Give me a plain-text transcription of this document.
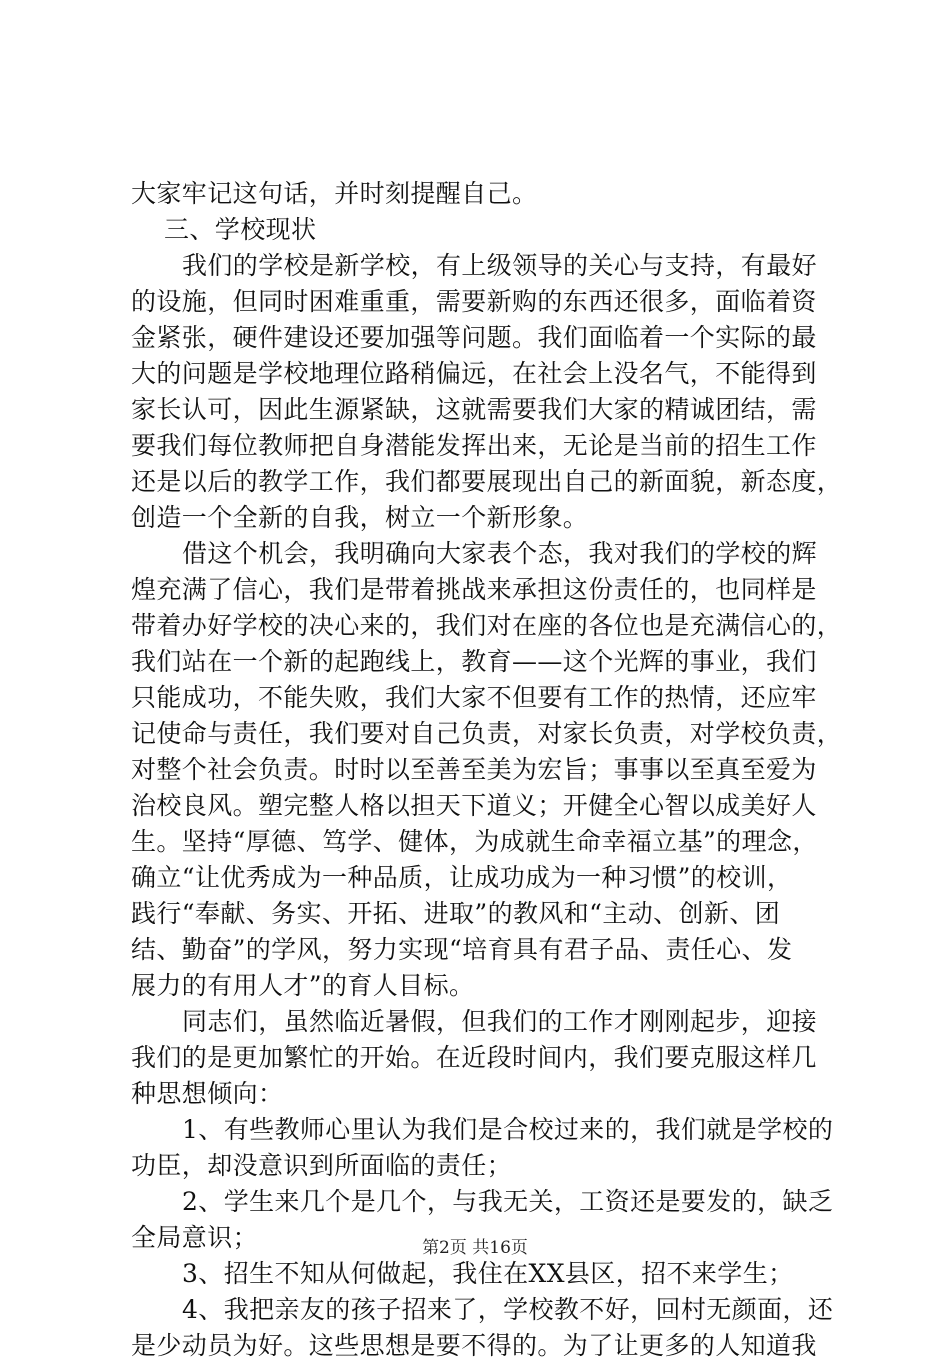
大家牢记这句话，并时刻提醒自己。
三、学校现状
我们的学校是新学校，有上级领导的关心与支持，有最好
的设施，但同时困难重重，需要新购的东西还很多，面临着资
金紧张，硬件建设还要加强等问题。我们面临着一个实际的最
大的问题是学校地理位路稍偏远，在社会上没名气，不能得到
家长认可，因此生源紧缺，这就需要我们大家的精诚团结，需
要我们每位教师把自身潜能发挥出来，无论是当前的招生工作
还是以后的教学工作，我们都要展现出自己的新面貌，新态度，
创造一个全新的自我，树立一个新形象。
借这个机会，我明确向大家表个态，我对我们的学校的辉
煌充满了信心，我们是带着挑战来承担这份责任的，也同样是
带着办好学校的决心来的，我们对在座的各位也是充满信心的，
我们站在一个新的起跑线上，教育——这个光辉的事业，我们
只能成功，不能失败，我们大家不但要有工作的热情，还应牢
记使命与责任，我们要对自己负责，对家长负责，对学校负责，
对整个社会负责。时时以至善至美为宏旨；事事以至真至爱为
治校良风。塑完整人格以担天下道义；开健全心智以成美好人
生。坚持“厚德、笃学、健体，为成就生命幸福立基”的理念，
确立“让优秀成为一种品质，让成功成为一种习惯”的校训，
践行“奉献、务实、开拓、进取”的教风和“主动、创新、团
结、勤奋”的学风，努力实现“培育具有君子品、责任心、发
展力的有用人才”的育人目标。
同志们，虽然临近暑假，但我们的工作才刚刚起步，迎接
我们的是更加繁忙的开始。在近段时间内，我们要克服这样几
种思想倾向：
1、有些教师心里认为我们是合校过来的，我们就是学校的
功臣，却没意识到所面临的责任；
2、学生来几个是几个，与我无关，工资还是要发的，缺乏
全局意识；
3、招生不知从何做起，我住在XX县区，招不来学生；
4、我把亲友的孩子招来了，学校教不好，回村无颜面，还
是少动员为好。这些思想是要不得的。为了让更多的人知道我
第2页 共16页
